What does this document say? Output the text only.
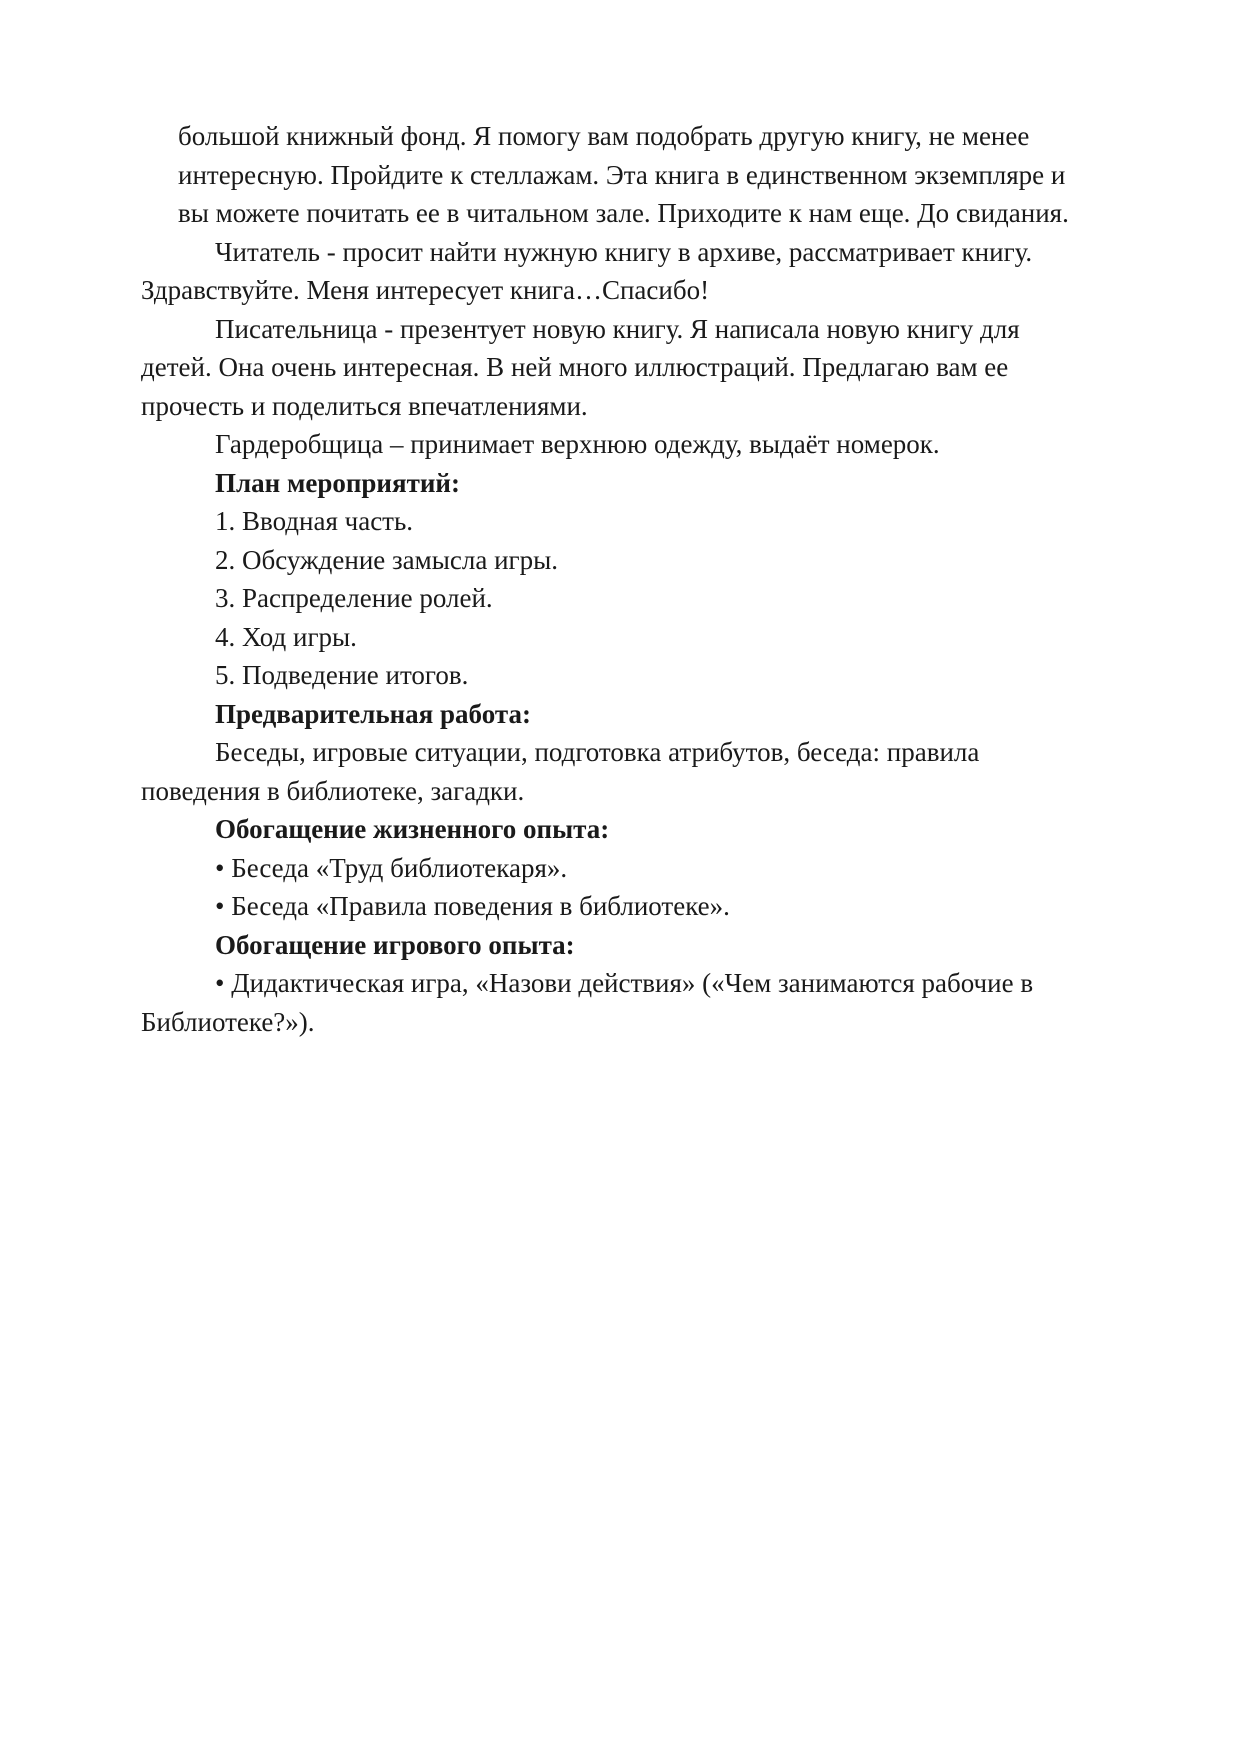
большой книжный фонд. Я помогу вам подобрать другую книгу, не менее
интересную. Пройдите к стеллажам. Эта книга в единственном экземпляре и
вы можете почитать ее в читальном зале. Приходите к нам еще. До свидания.
Читатель - просит найти нужную книгу в архиве, рассматривает книгу.
Здравствуйте. Меня интересует книга…Спасибо!
Писательница - презентует новую книгу. Я написала новую книгу для
детей. Она очень интересная. В ней много иллюстраций. Предлагаю вам ее
прочесть и поделиться впечатлениями.
Гардеробщица – принимает верхнюю одежду, выдаёт номерок.
План мероприятий:
1. Вводная часть.
2. Обсуждение замысла игры.
3. Распределение ролей.
4. Ход игры.
5. Подведение итогов.
Предварительная работа:
Беседы, игровые ситуации, подготовка атрибутов, беседа: правила
поведения в библиотеке, загадки.
Обогащение жизненного опыта:
• Беседа «Труд библиотекаря».
• Беседа «Правила поведения в библиотеке».
Обогащение игрового опыта:
• Дидактическая игра, «Назови действия» («Чем занимаются рабочие в
Библиотеке?»).
